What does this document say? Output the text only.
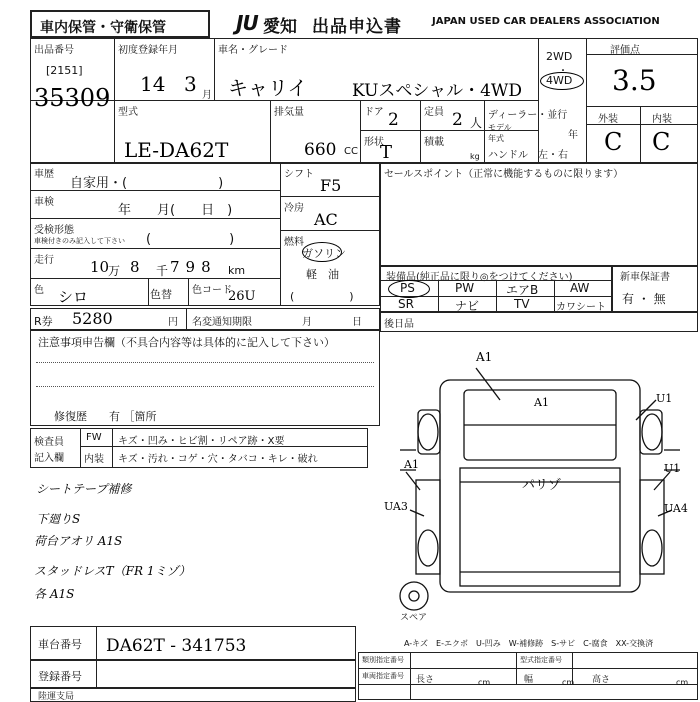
車内保管・守衛保管	JU 愛知 出品申込書	JAPAN USED CAR DEALERS ASSOCIATION
出品番号
[2151]
35309
初度登録年月
14 3 月
車名・グレード
キャリイ	KUスペシャル・4WD
2WD
・
4WD
評価点
3.5
型式
LE-DA62T
排気量
660 CC
ドア 2	定員 2 人
形状
T	積載
kg
ディーラー・並行
モデル
年式	年
ハンドル　左・右
外装	内装
C C
車歴
自家用・(　　　　　　　)
車検
年　　月(　　日　)
受検形態
車検付きのみ記入して下さい (　　　　　　)
走行 10
万 8 千 798 km
色 シロ	色替 色コード
26U
シフト
F5
冷房
AC
燃料
ガソリン
軽　油
(　　　　　)
セールスポイント（正常に機能するものに限ります）
装備品(純正品に限り◎をつけてください)
PS	PW	エアB	AW
SR	ナビ	TV	カワシート
新車保証書
有 ・ 無
R券 5280	円 名変通知期限	月	日 後日品
注意事項申告欄（不具合内容等は具体的に記入して下さい）
修復歴　　有 ［箇所
検査員
記入欄
FW キズ・凹み・ヒビ割・リペア跡・X要
内装 キズ・汚れ・コゲ・穴・タバコ・キレ・破れ
シートテープ補修
下廻りS
荷台アオリ A1S
スタッドレスT（FR 1ミゾ）
各 A1S
A1
A1	U1
A1	U1
パリゾ
UA3	UA4
スペア
A-キズ　E-エクボ　U-凹み　W-補修跡　S-サビ　C-腐食　XX-交換済
車台番号 DA62T - 341753
登録番号
陸運支局
類別指定番号
車両指定番号
型式指定番号
長さ	cm	幅	cm 高さ	cm
